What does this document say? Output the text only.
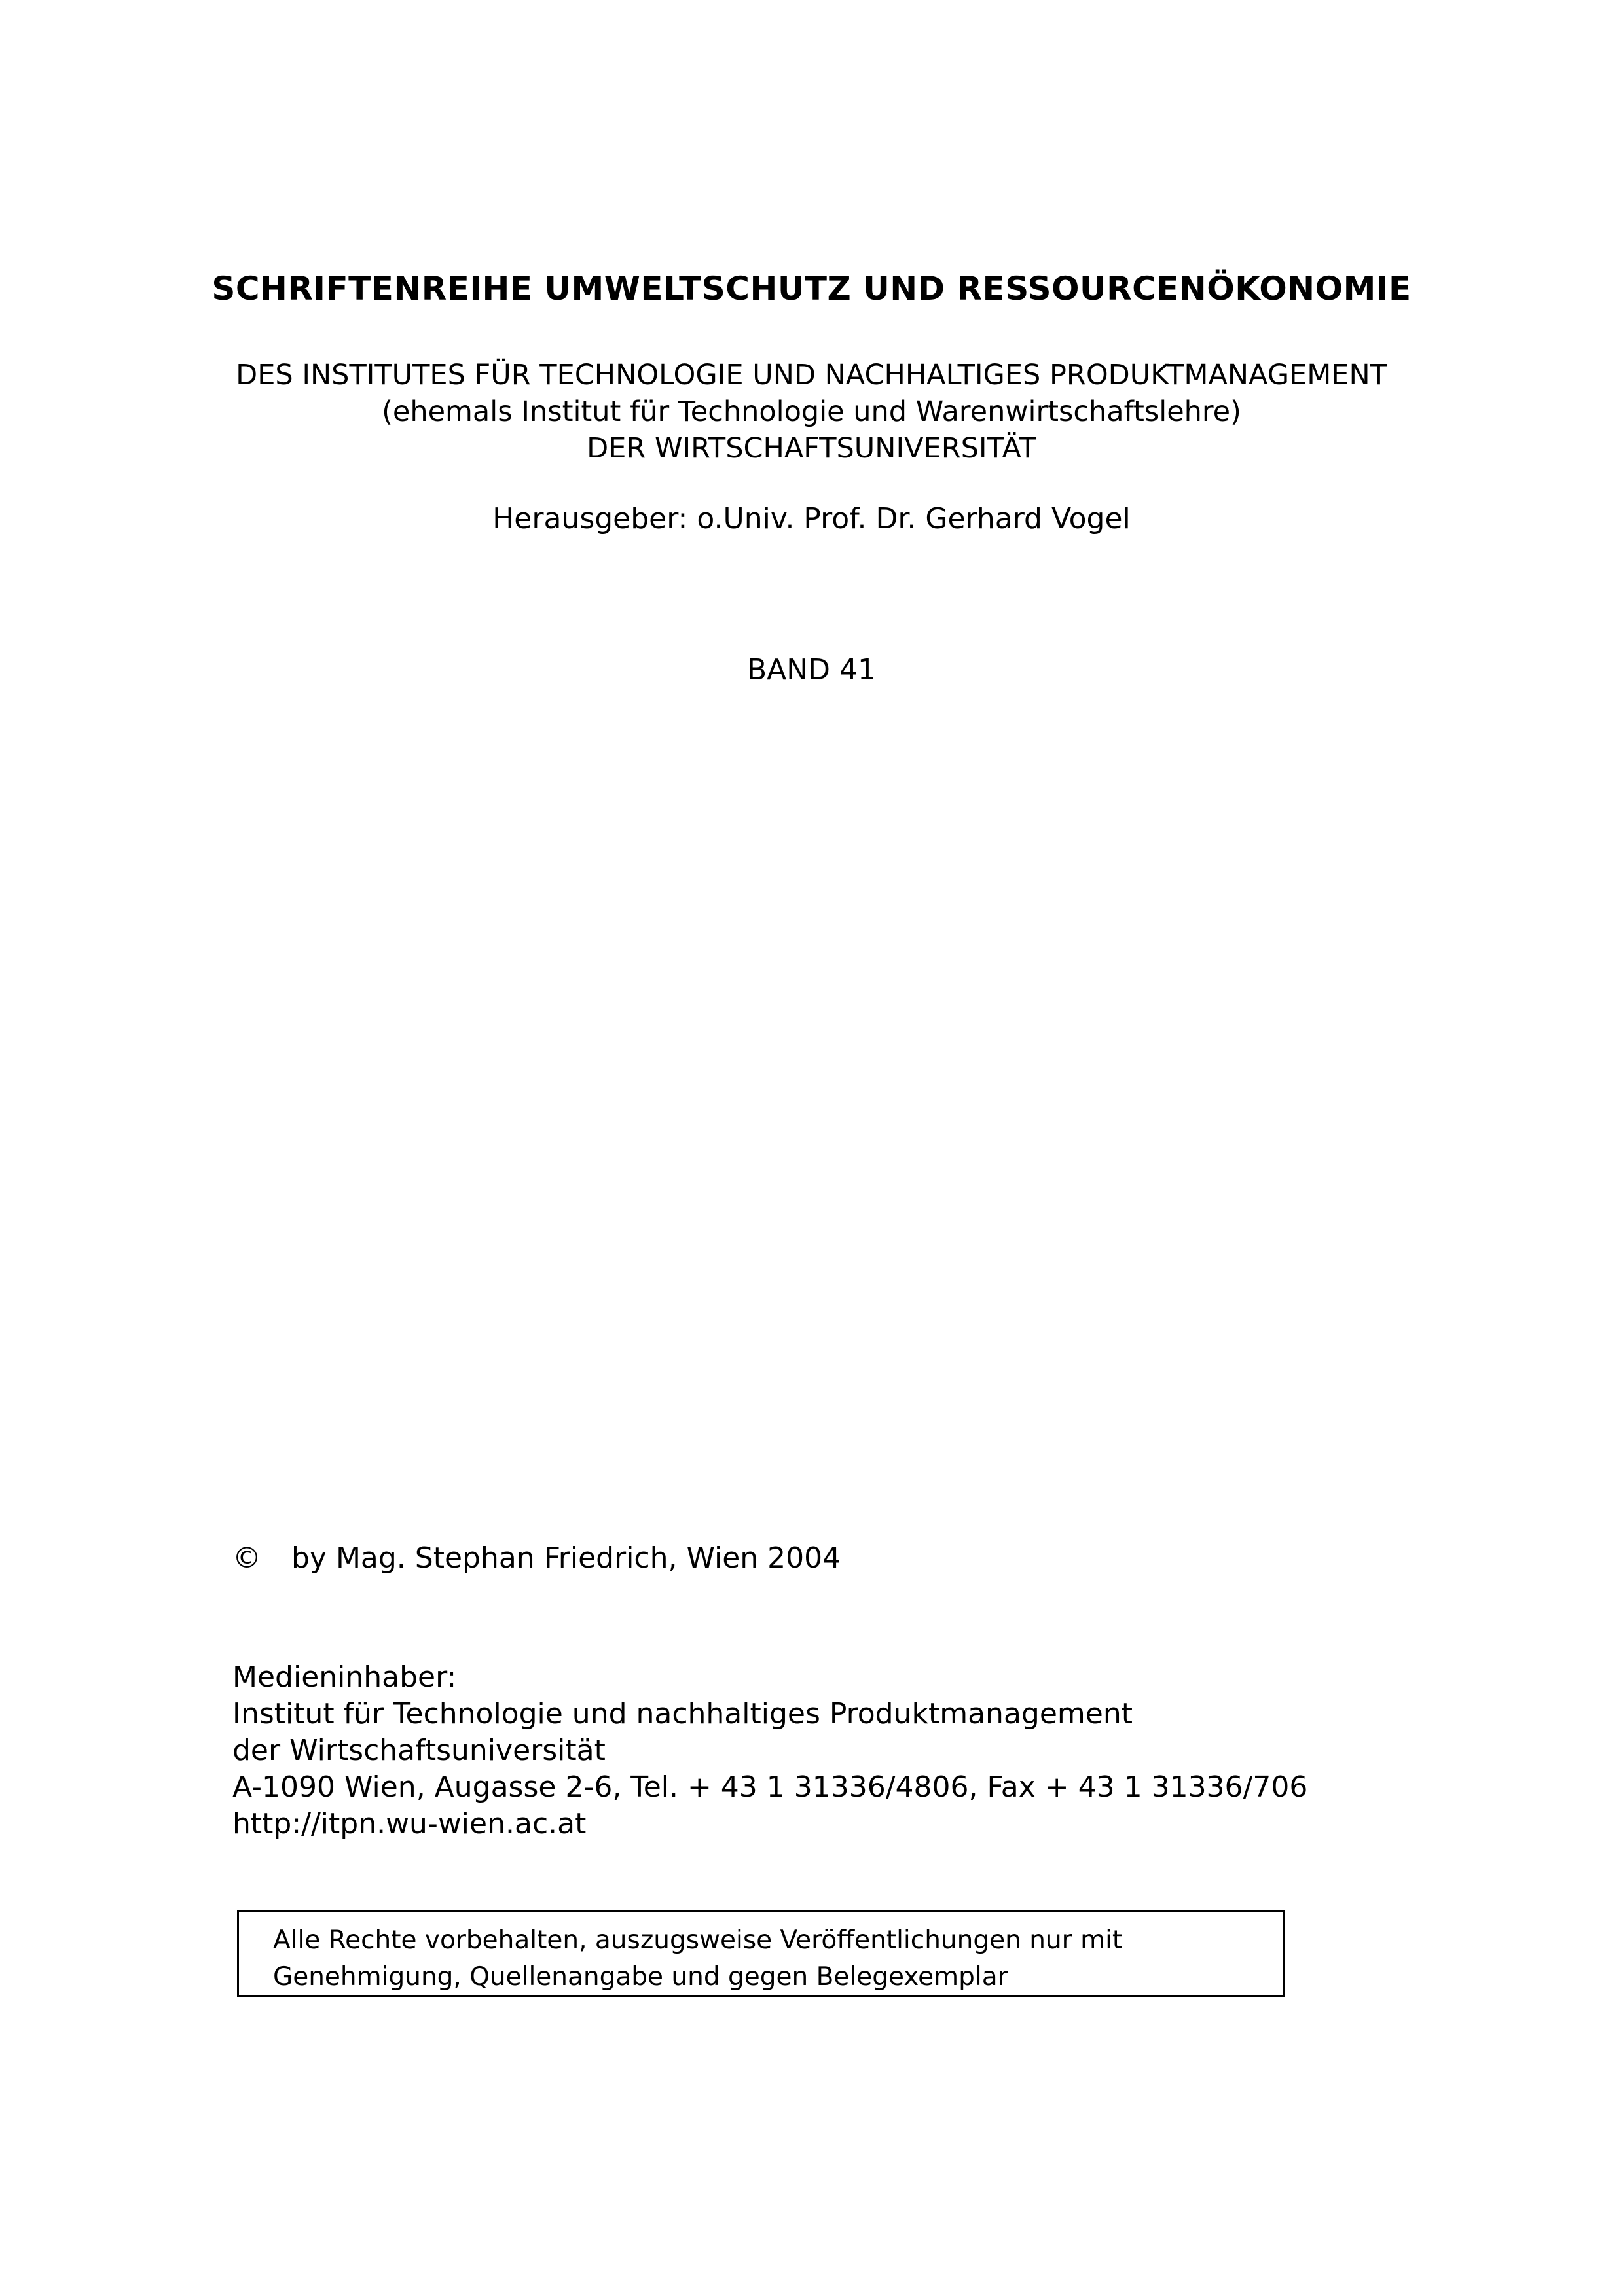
SCHRIFTENREIHE UMWELTSCHUTZ UND RESSOURCENÖKONOMIE
DES INSTITUTES FÜR TECHNOLOGIE UND NACHHALTIGES PRODUKTMANAGEMENT
(ehemals Institut für Technologie und Warenwirtschaftslehre)
DER WIRTSCHAFTSUNIVERSITÄT
Herausgeber: o.Univ. Prof. Dr. Gerhard Vogel
BAND 41
© by Mag. Stephan Friedrich, Wien 2004
Medieninhaber:
Institut für Technologie und nachhaltiges Produktmanagement
der Wirtschaftsuniversität
A-1090 Wien, Augasse 2-6, Tel. + 43 1 31336/4806, Fax + 43 1 31336/706
http://itpn.wu-wien.ac.at
Alle Rechte vorbehalten, auszugsweise Veröffentlichungen nur mit
Genehmigung, Quellenangabe und gegen Belegexemplar
